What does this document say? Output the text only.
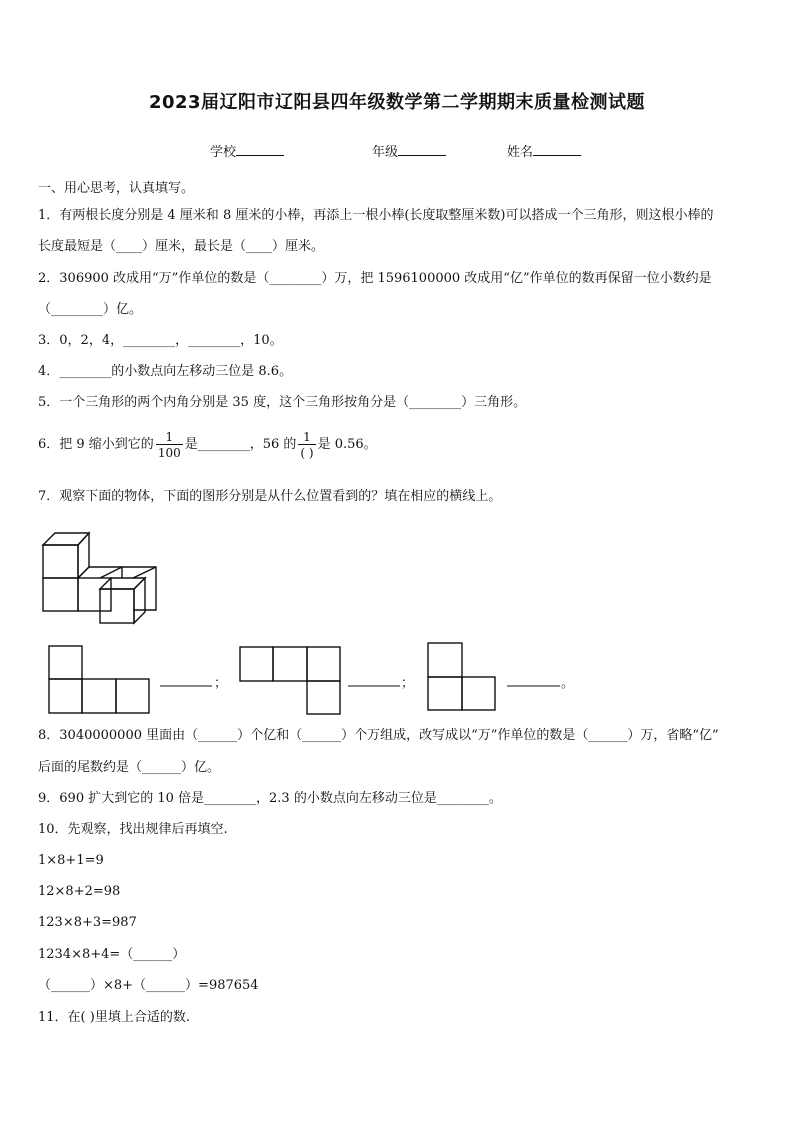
2023届辽阳市辽阳县四年级数学第二学期期末质量检测试题
学校	年级	姓名
一、用心思考，认真填写。
1．有两根长度分别是 4 厘米和 8 厘米的小棒，再添上一根小棒(长度取整厘米数)可以搭成一个三角形，则这根小棒的
长度最短是（____）厘米，最长是（____）厘米。
2．306900 改成用“万”作单位的数是（________）万，把 1596100000 改成用“亿”作单位的数再保留一位小数约是
（________）亿。
3．0，2，4，________，________，10。
4．________的小数点向左移动三位是 8.6。
5．一个三角形的两个内角分别是 35 度，这个三角形按角分是（________）三角形。
6．把 9 缩小到它的 $\frac{1}{100}$ 是________，56 的 $\frac{1}{( )}$ 是 0.56。
7．观察下面的物体，下面的图形分别是从什么位置看到的？填在相应的横线上。
；	；	。
8．3040000000 里面由（______）个亿和（______）个万组成，改写成以“万”作单位的数是（______）万，省略“亿”
后面的尾数约是（______）亿。
9．690 扩大到它的 10 倍是________，2.3 的小数点向左移动三位是________。
10．先观察，找出规律后再填空.
1×8+1=9
12×8+2=98
123×8+3=987
1234×8+4=（______）
（______）×8+（______）=987654
11．在( )里填上合适的数.
